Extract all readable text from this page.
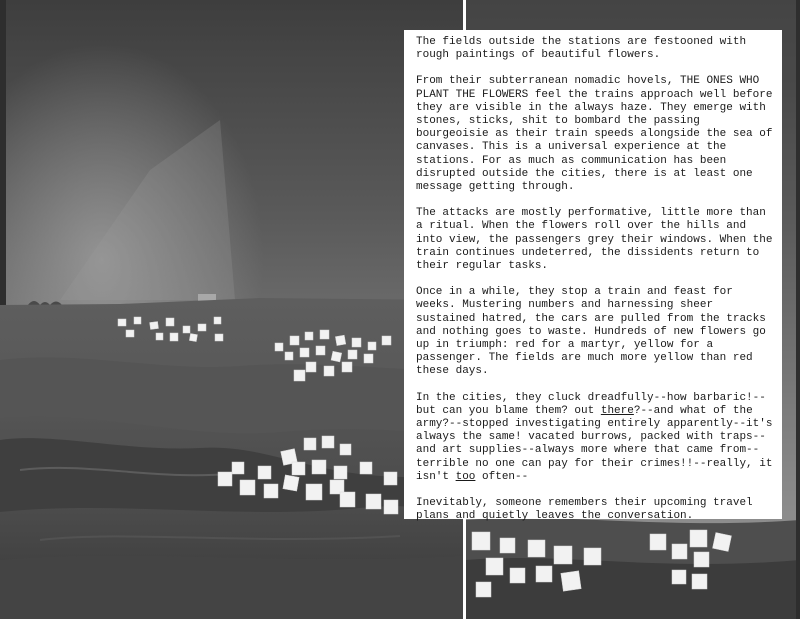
The fields outside the stations are festooned with rough paintings of beautiful flowers.

From their subterranean nomadic hovels, THE ONES WHO PLANT THE FLOWERS feel the trains approach well before they are visible in the always haze. They emerge with stones, sticks, shit to bombard the passing bourgeoisie as their train speeds alongside the sea of canvases. This is a universal experience at the stations. For as much as communication has been disrupted outside the cities, there is at least one message getting through.

The attacks are mostly performative, little more than a ritual. When the flowers roll over the hills and into view, the passengers grey their windows. When the train continues undeterred, the dissidents return to their regular tasks.

Once in a while, they stop a train and feast for weeks. Mustering numbers and harnessing sheer sustained hatred, the cars are pulled from the tracks and nothing goes to waste. Hundreds of new flowers go up in triumph: red for a martyr, yellow for a passenger. The fields are much more yellow than red these days.

In the cities, they cluck dreadfully--how barbaric!--but can you blame them? out there?--and what of the army?--stopped investigating entirely apparently--it's always the same! vacated burrows, packed with traps--and art supplies--always more where that came from--terrible no one can pay for their crimes!!--really, it isn't too often--

Inevitably, someone remembers their upcoming travel plans and quietly leaves the conversation.
